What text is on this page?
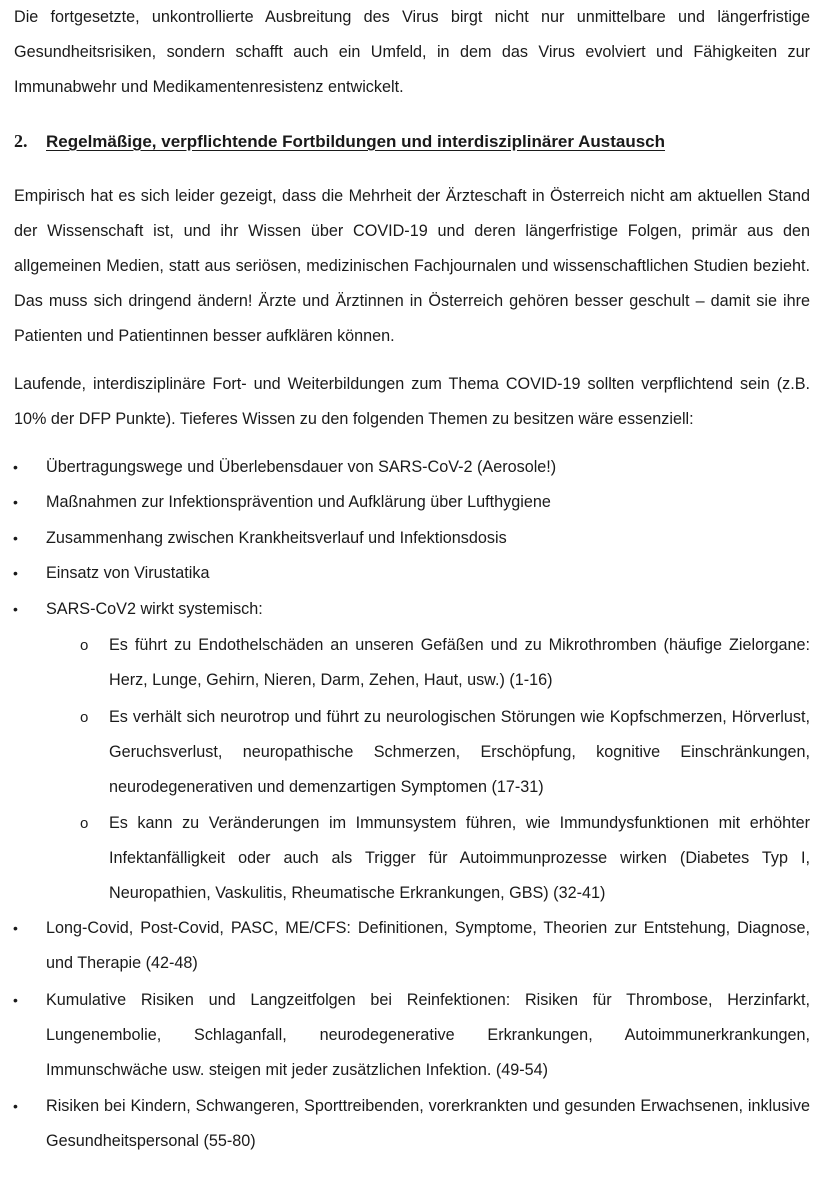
Die fortgesetzte, unkontrollierte Ausbreitung des Virus birgt nicht nur unmittelbare und längerfristige Gesundheitsrisiken, sondern schafft auch ein Umfeld, in dem das Virus evolviert und Fähigkeiten zur Immunabwehr und Medikamentenresistenz entwickelt.

2. Regelmäßige, verpflichtende Fortbildungen und interdisziplinärer Austausch

Empirisch hat es sich leider gezeigt, dass die Mehrheit der Ärzteschaft in Österreich nicht am aktuellen Stand der Wissenschaft ist, und ihr Wissen über COVID-19 und deren längerfristige Folgen, primär aus den allgemeinen Medien, statt aus seriösen, medizinischen Fachjournalen und wissenschaftlichen Studien bezieht. Das muss sich dringend ändern! Ärzte und Ärztinnen in Österreich gehören besser geschult – damit sie ihre Patienten und Patientinnen besser aufklären können.

Laufende, interdisziplinäre Fort- und Weiterbildungen zum Thema COVID-19 sollten verpflichtend sein (z.B. 10% der DFP Punkte). Tieferes Wissen zu den folgenden Themen zu besitzen wäre essenziell:

• Übertragungswege und Überlebensdauer von SARS-CoV-2 (Aerosole!)
• Maßnahmen zur Infektionsprävention und Aufklärung über Lufthygiene
• Zusammenhang zwischen Krankheitsverlauf und Infektionsdosis
• Einsatz von Virustatika
• SARS-CoV2 wirkt systemisch:
o Es führt zu Endothelschäden an unseren Gefäßen und zu Mikrothromben (häufige Zielorgane: Herz, Lunge, Gehirn, Nieren, Darm, Zehen, Haut, usw.) (1-16)
o Es verhält sich neurotrop und führt zu neurologischen Störungen wie Kopfschmerzen, Hörverlust, Geruchsverlust, neuropathische Schmerzen, Erschöpfung, kognitive Einschränkungen, neurodegenerativen und demenzartigen Symptomen (17-31)
o Es kann zu Veränderungen im Immunsystem führen, wie Immundysfunktionen mit erhöhter Infektanfälligkeit oder auch als Trigger für Autoimmunprozesse wirken (Diabetes Typ I, Neuropathien, Vaskulitis, Rheumatische Erkrankungen, GBS) (32-41)
• Long-Covid, Post-Covid, PASC, ME/CFS: Definitionen, Symptome, Theorien zur Entstehung, Diagnose, und Therapie (42-48)
• Kumulative Risiken und Langzeitfolgen bei Reinfektionen: Risiken für Thrombose, Herzinfarkt, Lungenembolie, Schlaganfall, neurodegenerative Erkrankungen, Autoimmunerkrankungen, Immunschwäche usw. steigen mit jeder zusätzlichen Infektion. (49-54)
• Risiken bei Kindern, Schwangeren, Sporttreibenden, vorerkrankten und gesunden Erwachsenen, inklusive Gesundheitspersonal (55-80)
